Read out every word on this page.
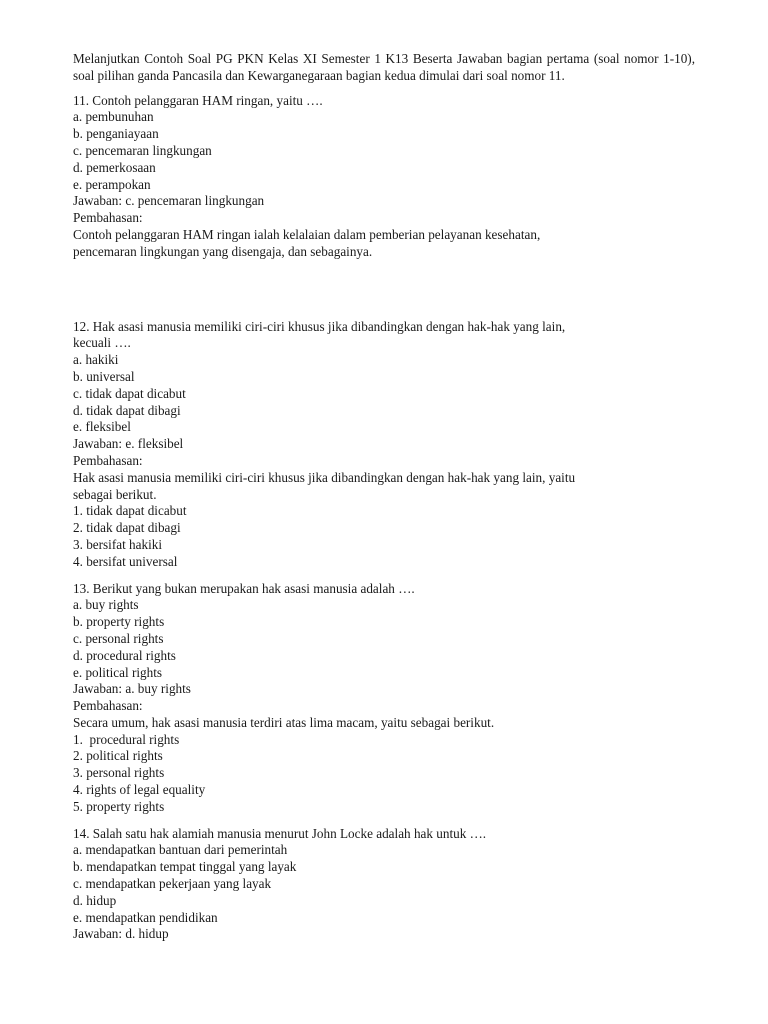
Melanjutkan Contoh Soal PG PKN Kelas XI Semester 1 K13 Beserta Jawaban bagian pertama (soal nomor 1-10), soal pilihan ganda Pancasila dan Kewarganegaraan bagian kedua dimulai dari soal nomor 11.

11. Contoh pelanggaran HAM ringan, yaitu ….
a. pembunuhan
b. penganiayaan
c. pencemaran lingkungan
d. pemerkosaan
e. perampokan
Jawaban: c. pencemaran lingkungan
Pembahasan:
Contoh pelanggaran HAM ringan ialah kelalaian dalam pemberian pelayanan kesehatan,
pencemaran lingkungan yang disengaja, dan sebagainya.
12. Hak asasi manusia memiliki ciri-ciri khusus jika dibandingkan dengan hak-hak yang lain,
kecuali ….
a. hakiki
b. universal
c. tidak dapat dicabut
d. tidak dapat dibagi
e. fleksibel
Jawaban: e. fleksibel
Pembahasan:
Hak asasi manusia memiliki ciri-ciri khusus jika dibandingkan dengan hak-hak yang lain, yaitu
sebagai berikut.
1. tidak dapat dicabut
2. tidak dapat dibagi
3. bersifat hakiki
4. bersifat universal
13. Berikut yang bukan merupakan hak asasi manusia adalah ….
a. buy rights
b. property rights
c. personal rights
d. procedural rights
e. political rights
Jawaban: a. buy rights
Pembahasan:
Secara umum, hak asasi manusia terdiri atas lima macam, yaitu sebagai berikut.
1.  procedural rights
2. political rights
3. personal rights
4. rights of legal equality
5. property rights
14. Salah satu hak alamiah manusia menurut John Locke adalah hak untuk ….
a. mendapatkan bantuan dari pemerintah
b. mendapatkan tempat tinggal yang layak
c. mendapatkan pekerjaan yang layak
d. hidup
e. mendapatkan pendidikan
Jawaban: d. hidup
